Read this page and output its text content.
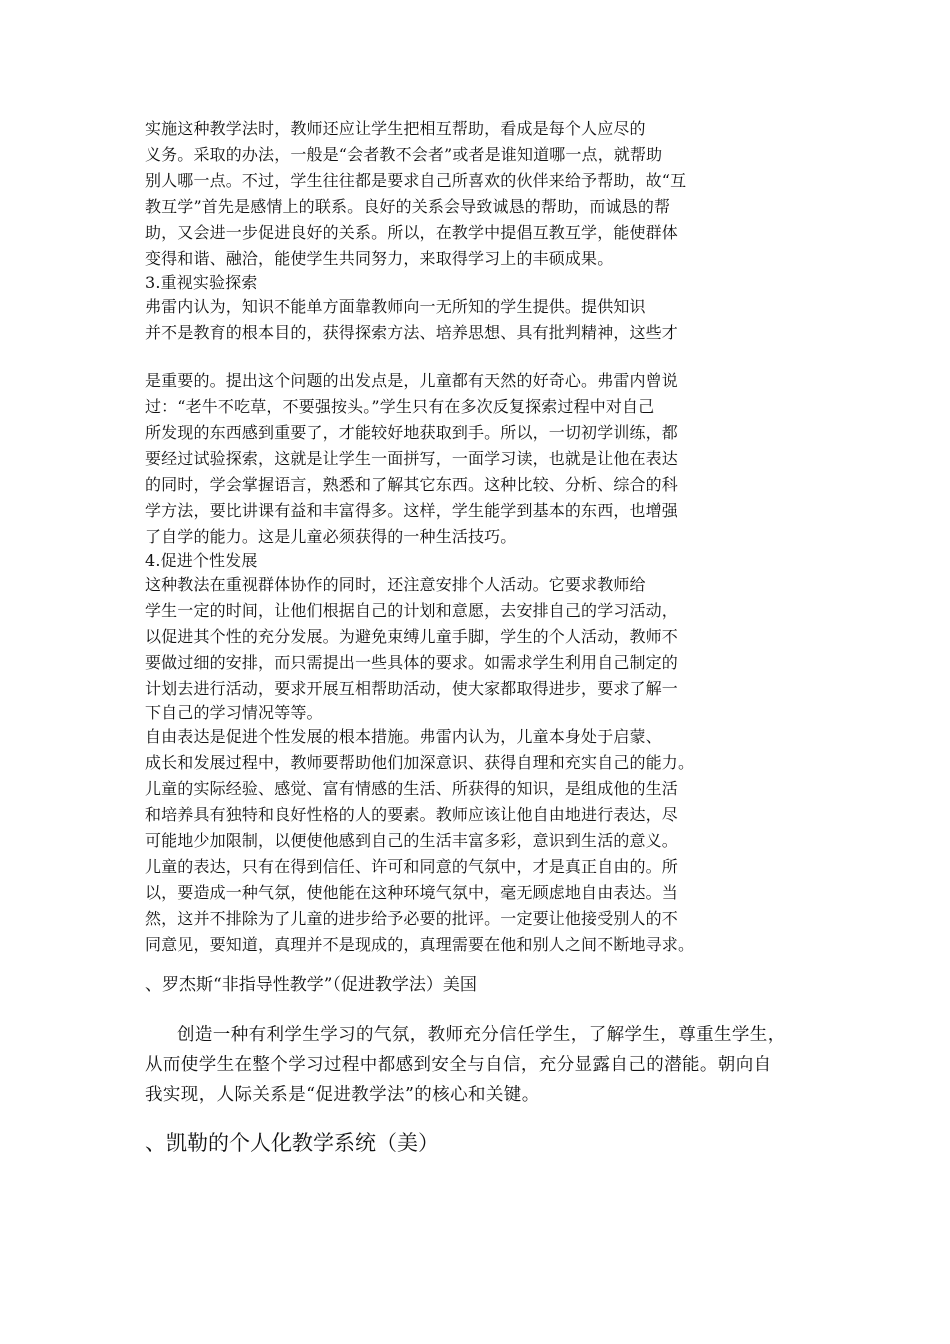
实施这种教学法时，教师还应让学生把相互帮助，看成是每个人应尽的
义务。采取的办法，一般是“会者教不会者”或者是谁知道哪一点，就帮助
别人哪一点。不过，学生往往都是要求自己所喜欢的伙伴来给予帮助，故“互
教互学”首先是感情上的联系。良好的关系会导致诚恳的帮助，而诚恳的帮
助，又会进一步促进良好的关系。所以，在教学中提倡互教互学，能使群体
变得和谐、融洽，能使学生共同努力，来取得学习上的丰硕成果。
3.重视实验探索
弗雷内认为，知识不能单方面靠教师向一无所知的学生提供。提供知识
并不是教育的根本目的，获得探索方法、培养思想、具有批判精神，这些才
是重要的。提出这个问题的出发点是，儿童都有天然的好奇心。弗雷内曾说
过：“老牛不吃草，不要强按头。”学生只有在多次反复探索过程中对自己
所发现的东西感到重要了，才能较好地获取到手。所以，一切初学训练，都
要经过试验探索，这就是让学生一面拼写，一面学习读，也就是让他在表达
的同时，学会掌握语言，熟悉和了解其它东西。这种比较、分析、综合的科
学方法，要比讲课有益和丰富得多。这样，学生能学到基本的东西，也增强
了自学的能力。这是儿童必须获得的一种生活技巧。
4.促进个性发展
这种教法在重视群体协作的同时，还注意安排个人活动。它要求教师给
学生一定的时间，让他们根据自己的计划和意愿，去安排自己的学习活动，
以促进其个性的充分发展。为避免束缚儿童手脚，学生的个人活动，教师不
要做过细的安排，而只需提出一些具体的要求。如需求学生利用自己制定的
计划去进行活动，要求开展互相帮助活动，使大家都取得进步，要求了解一
下自己的学习情况等等。
自由表达是促进个性发展的根本措施。弗雷内认为，儿童本身处于启蒙、
成长和发展过程中，教师要帮助他们加深意识、获得自理和充实自己的能力。
儿童的实际经验、感觉、富有情感的生活、所获得的知识，是组成他的生活
和培养具有独特和良好性格的人的要素。教师应该让他自由地进行表达，尽
可能地少加限制，以便使他感到自己的生活丰富多彩，意识到生活的意义。
儿童的表达，只有在得到信任、许可和同意的气氛中，才是真正自由的。所
以，要造成一种气氛，使他能在这种环境气氛中，毫无顾虑地自由表达。当
然，这并不排除为了儿童的进步给予必要的批评。一定要让他接受别人的不
同意见，要知道，真理并不是现成的，真理需要在他和别人之间不断地寻求。
、罗杰斯“非指导性教学”（促进教学法）美国
创造一种有利学生学习的气氛，教师充分信任学生，了解学生，尊重生学生，
从而使学生在整个学习过程中都感到安全与自信，充分显露自己的潜能。朝向自
我实现，人际关系是“促进教学法”的核心和关键。
、凯勒的个人化教学系统（美）
